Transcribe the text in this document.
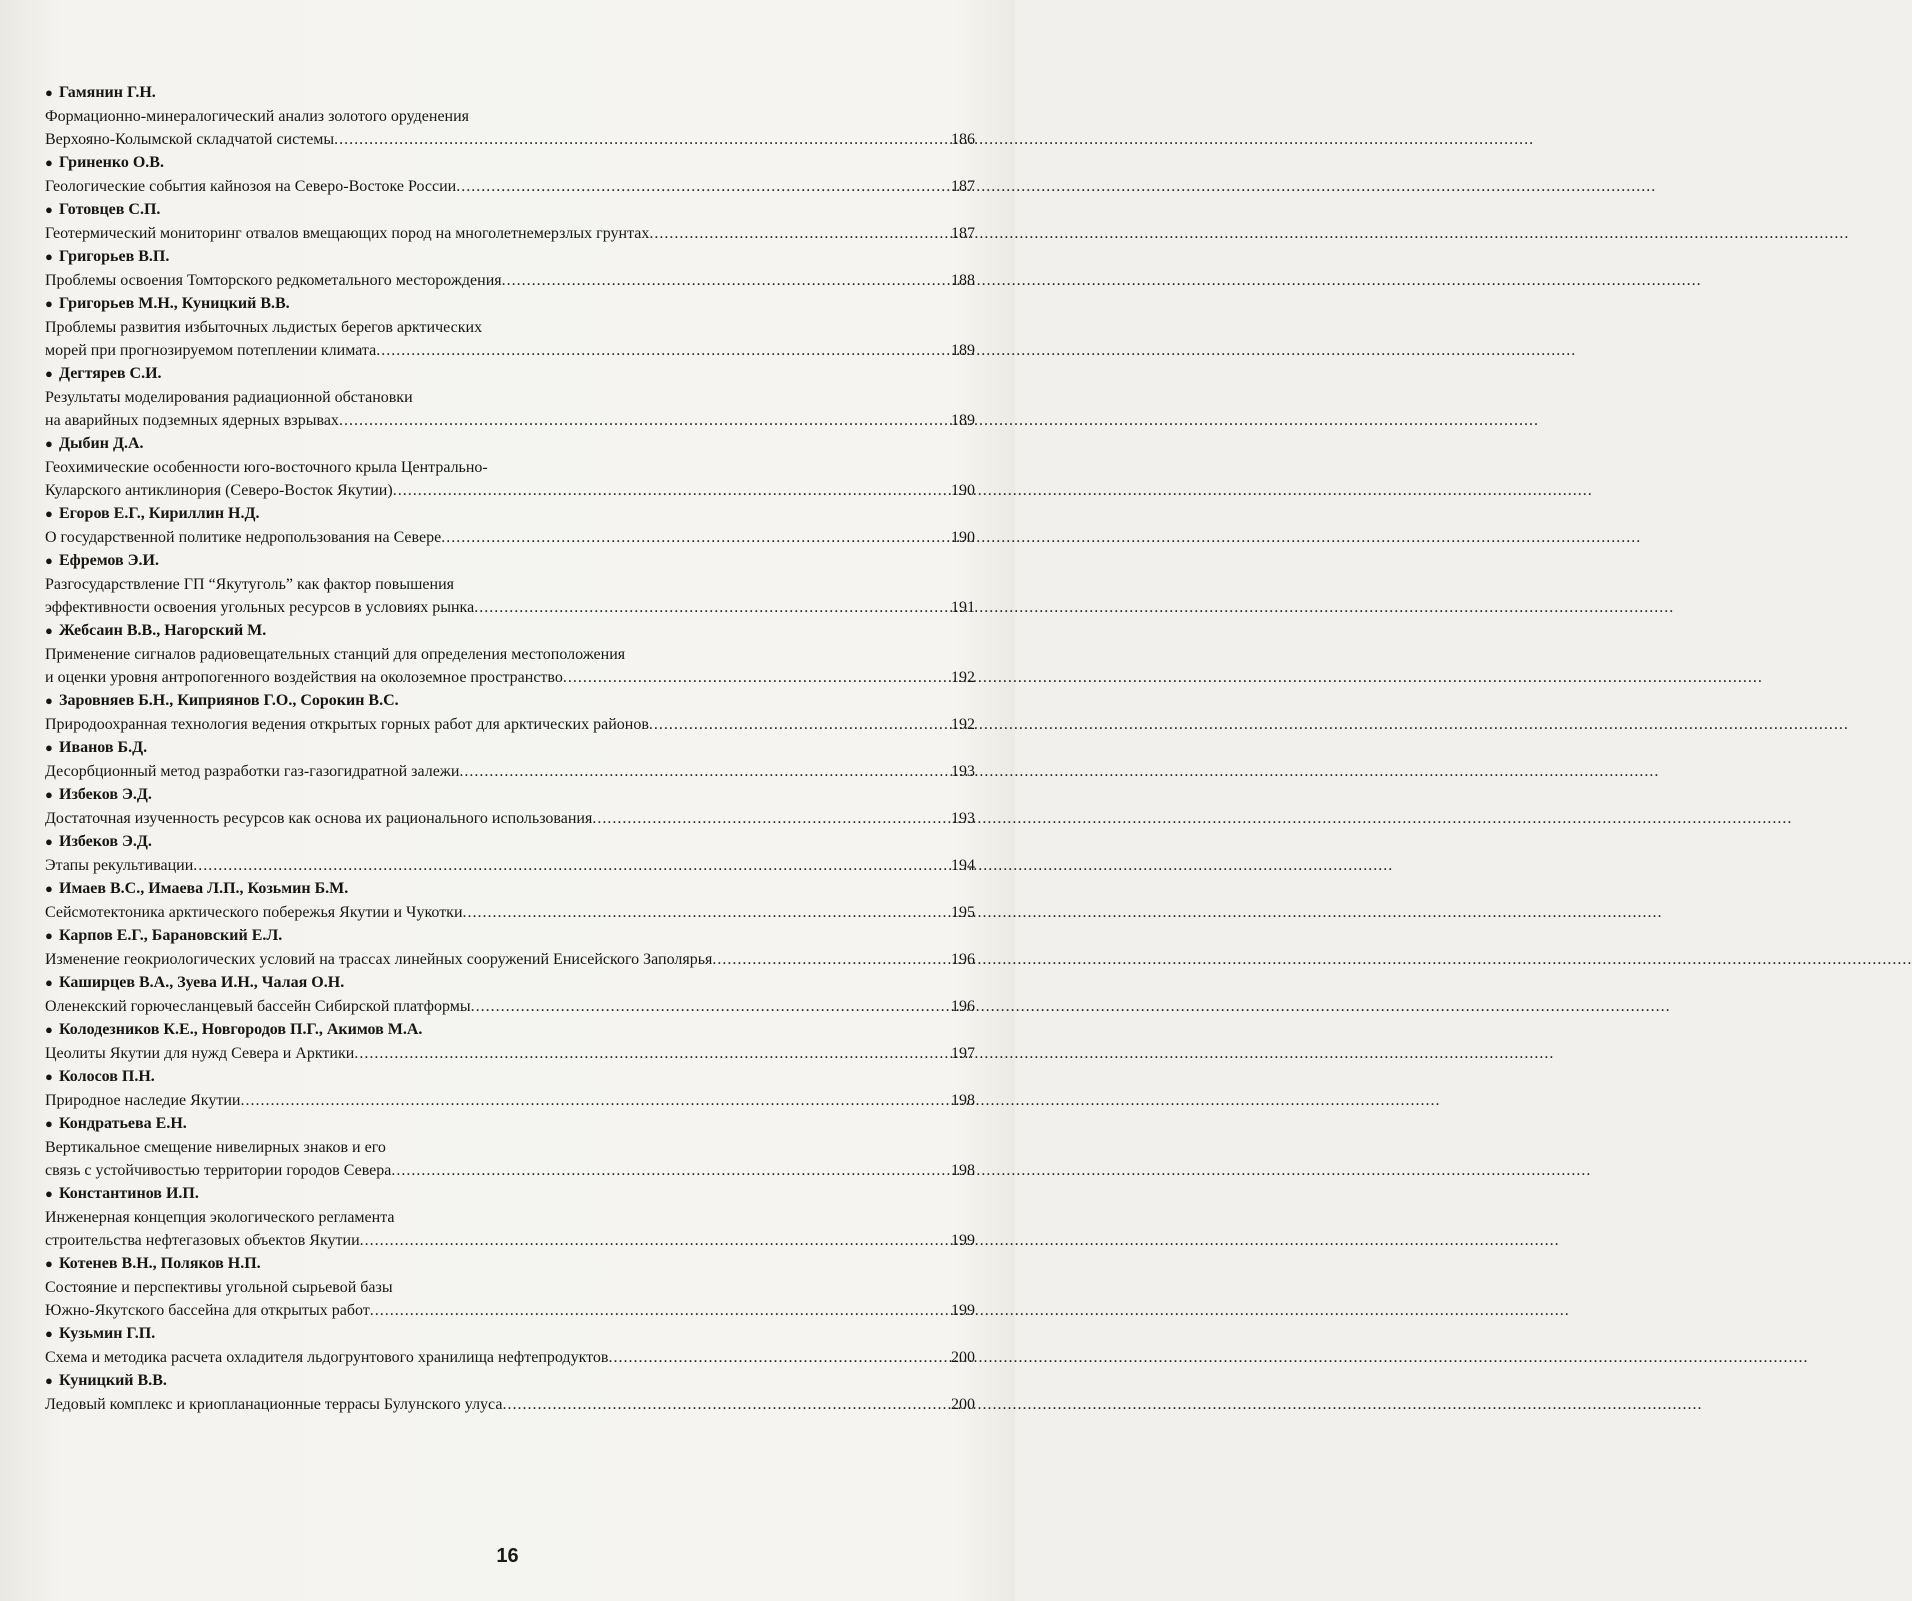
● Гамянин Г.Н.
Формационно-минералогический анализ золотого оруденения
Верхояно-Колымской складчатой системы .....	186
● Гриненко О.В.
Геологические события кайнозоя на Северо-Востоке России .....	187
● Готовцев С.П.
Геотермический мониторинг отвалов вмещающих пород на многолетнемерзлых грунтах .....	187
● Григорьев В.П.
Проблемы освоения Томторского редкометального месторождения .....	188
● Григорьев М.Н., Куницкий В.В.
Проблемы развития избыточных льдистых берегов арктических
морей при прогнозируемом потеплении климата .....	189
● Дегтярев С.И.
Результаты моделирования радиационной обстановки
на аварийных подземных ядерных взрывах .....	189
● Дыбин Д.А.
Геохимические особенности юго-восточного крыла Центрально-
Куларского антиклинория (Северо-Восток Якутии) .....	190
● Егоров Е.Г., Кириллин Н.Д.
О государственной политике недропользования на Севере .....	190
● Ефремов Э.И.
Разгосударствление ГП “Якутуголь” как фактор повышения
эффективности освоения угольных ресурсов в условиях рынка .....	191
● Жебсаин В.В., Нагорский М.
Применение сигналов радиовещательных станций для определения местоположения
и оценки уровня антропогенного воздействия на околоземное пространство .....	192
● Заровняев Б.Н., Киприянов Г.О., Сорокин В.С.
Природоохранная технология ведения открытых горных работ для арктических районов .....	192
● Иванов Б.Д.
Десорбционный метод разработки газ-газогидратной залежи .....	193
● Избеков Э.Д.
Достаточная изученность ресурсов как основа их рационального использования .....	193
● Избеков Э.Д.
Этапы рекультивации .....	194
● Имаев В.С., Имаева Л.П., Козьмин Б.М.
Сейсмотектоника арктического побережья Якутии и Чукотки .....	195
● Карпов Е.Г., Барановский Е.Л.
Изменение геокриологических условий на трассах линейных сооружений Енисейского Заполярья .....	196
● Каширцев В.А., Зуева И.Н., Чалая О.Н.
Оленекский горючесланцевый бассейн Сибирской платформы .....	196
● Колодезников К.Е., Новгородов П.Г., Акимов М.А.
Цеолиты Якутии для нужд Севера и Арктики .....	197
● Колосов П.Н.
Природное наследие Якутии .....	198
● Кондратьева Е.Н.
Вертикальное смещение нивелирных знаков и его
связь с устойчивостью территории городов Севера .....	198
● Константинов И.П.
Инженерная концепция экологического регламента
строительства нефтегазовых объектов Якутии .....	199
● Котенев В.Н., Поляков Н.П.
Состояние и перспективы угольной сырьевой базы
Южно-Якутского бассейна для открытых работ .....	199
● Кузьмин Г.П.
Схема и методика расчета охладителя льдогрунтового хранилища нефтепродуктов .....	200
● Куницкий В.В.
Ледовый комплекс и криопланационные террасы Булунского улуса .....	200
16
